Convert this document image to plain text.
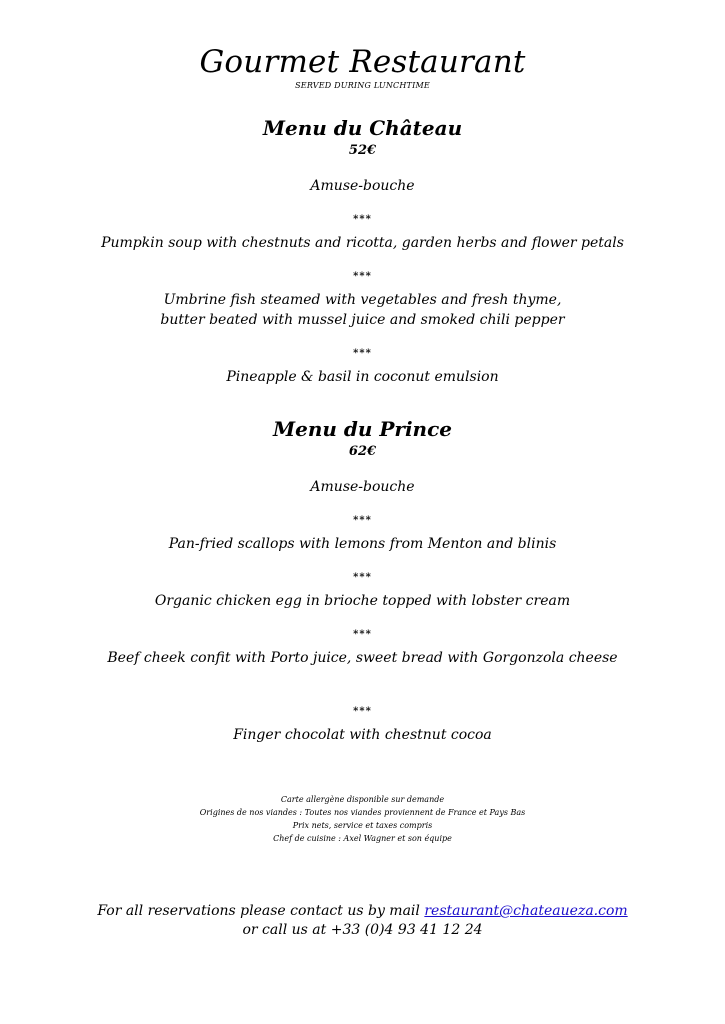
Gourmet Restaurant
SERVED DURING LUNCHTIME
Menu du Château
52€
Amuse-bouche
***
Pumpkin soup with chestnuts and ricotta, garden herbs and flower petals
***
Umbrine fish steamed with vegetables and fresh thyme,
butter beated with mussel juice and smoked chili pepper
***
Pineapple & basil in coconut emulsion
Menu du Prince
62€
Amuse-bouche
***
Pan-fried scallops with lemons from Menton and blinis
***
Organic chicken egg in brioche topped with lobster cream
***
Beef cheek confit with Porto juice, sweet bread with Gorgonzola cheese
***
Finger chocolat with chestnut cocoa
Carte allergène disponible sur demande
Origines de nos viandes : Toutes nos viandes proviennent de France et Pays Bas
Prix nets, service et taxes compris
Chef de cuisine : Axel Wagner et son équipe
For all reservations please contact us by mail restaurant@chateaueza.com
or call us at +33 (0)4 93 41 12 24
